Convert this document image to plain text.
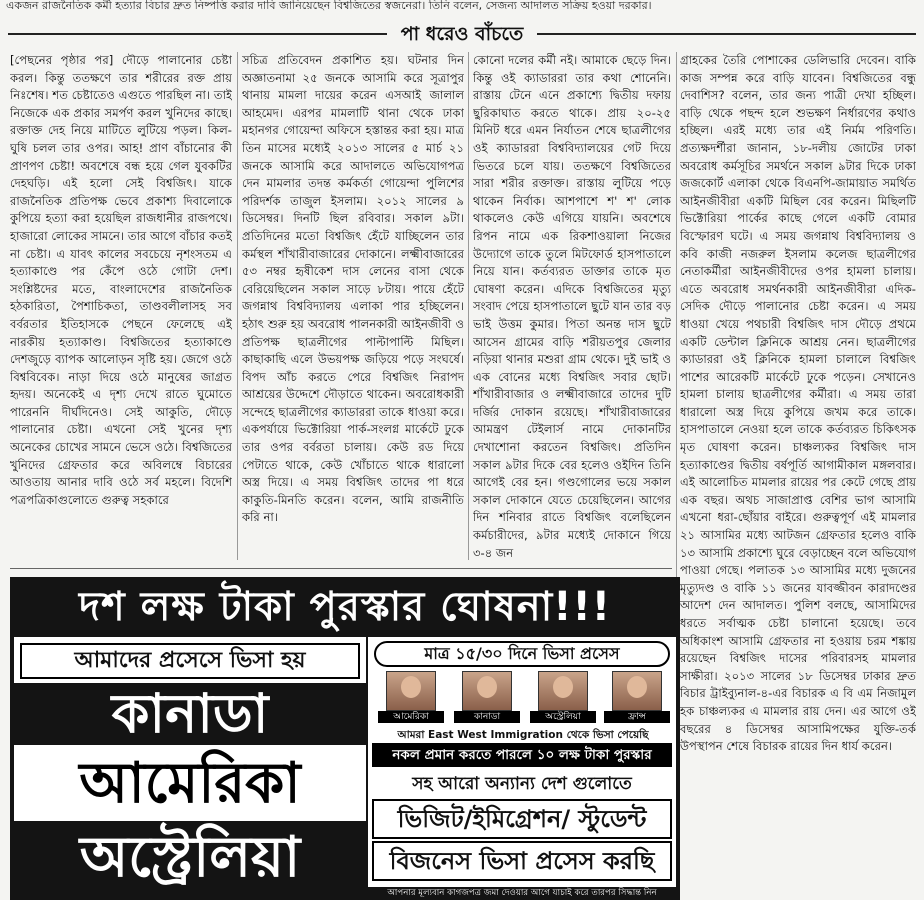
একজন রাজনৈতিক কর্মী হত্যার বিচার দ্রুত নিষ্পত্তি করার দাবি জানিয়েছেন বিশ্বজিতের স্বজনেরা। তিনি বলেন, সেজন্য আদালত সক্রিয় হওয়া দরকার।
পা ধরেও বাঁচতে

[পেছনের পৃষ্ঠার পর] দৌড়ে পালানোর চেষ্টা করল। কিন্তু ততক্ষণে তার শরীরের রক্ত প্রায় নিঃশেষ। শত চেষ্টাতেও এগুতে পারছিল না। তাই নিজেকে এক প্রকার সমর্পণ করল খুনিদের কাছে। রক্তাক্ত দেহ নিয়ে মাটিতে লুটিয়ে পড়ল। কিল-ঘুষি চলল তার ওপর। আহ! প্রাণ বাঁচানোর কী প্রাণপণ চেষ্টা! অবশেষে বন্ধ হয়ে গেল যুবকটির দেহঘড়ি। এই হলো সেই বিশ্বজিৎ। যাকে রাজনৈতিক প্রতিপক্ষ ভেবে প্রকাশ্য দিবালোকে কুপিয়ে হত্যা করা হয়েছিল রাজধানীর রাজপথে। হাজারো লোকের সামনে। তার আগে বাঁচার কতই না চেষ্টা। এ যাবৎ কালের সবচেয়ে নৃশংসতম এ হত্যাকাণ্ডে পর কেঁপে ওঠে গোটা দেশ। সংশ্লিষ্টদের মতে, বাংলাদেশের রাজনৈতিক হঠকারিতা, পৈশাচিকতা, তাণ্ডবলীলাসহ সব বর্বরতার ইতিহাসকে পেছনে ফেলেছে এই নারকীয় হত্যাকাণ্ড। বিশ্বজিতের হত্যাকাণ্ডে দেশজুড়ে ব্যাপক আলোড়ন সৃষ্টি হয়। জেগে ওঠে বিশ্ববিবেক। নাড়া দিয়ে ওঠে মানুষের জাগ্রত হৃদয়। অনেকেই এ দৃশ্য দেখে রাতে ঘুমোতে পারেননি দীর্ঘদিনেও। সেই আকুতি, দৌড়ে পালানোর চেষ্টা। এখনো সেই খুনের দৃশ্য অনেকের চোখের সামনে ভেসে ওঠে। বিশ্বজিতের খুনিদের গ্রেফতার করে অবিলম্বে বিচারের আওতায় আনার দাবি ওঠে সর্ব মহলে। বিদেশি পত্রপত্রিকাগুলোতে গুরুত্ব সহকারে

সচিত্র প্রতিবেদন প্রকাশিত হয়। ঘটনার দিন অজ্ঞাতনামা ২৫ জনকে আসামি করে সূত্রাপুর থানায় মামলা দায়ের করেন এসআই জালাল আহমেদ। এরপর মামলাটি থানা থেকে ঢাকা মহানগর গোয়েন্দা অফিসে হস্তান্তর করা হয়। মাত্র তিন মাসের মধ্যেই ২০১৩ সালের ৫ মার্চ ২১ জনকে আসামি করে আদালতে অভিযোগপত্র দেন মামলার তদন্ত কর্মকর্তা গোয়েন্দা পুলিশের পরিদর্শক তাজুল ইসলাম। ২০১২ সালের ৯ ডিসেম্বর। দিনটি ছিল রবিবার। সকাল ৯টা। প্রতিদিনের মতো বিশ্বজিৎ হেঁটে যাচ্ছিলেন তার কর্মস্থল শাঁখারীবাজারের দোকানে। লক্ষ্মীবাজারের ৫৩ নম্বর হৃষীকেশ দাস লেনের বাসা থেকে বেরিয়েছিলেন সকাল সাড়ে ৮টায়। পায়ে হেঁটে জগন্নাথ বিশ্ববিদ্যালয় এলাকা পার হচ্ছিলেন। হঠাৎ শুরু হয় অবরোধ পালনকারী আইনজীবী ও প্রতিপক্ষ ছাত্রলীগের পাল্টাপাল্টি মিছিল। কাছাকাছি এলে উভয়পক্ষ জড়িয়ে পড়ে সংঘর্ষে। বিপদ আঁচ করতে পেরে বিশ্বজিৎ নিরাপদ আশ্রয়ের উদ্দেশে দৌড়াতে থাকেন। অবরোধকারী সন্দেহে ছাত্রলীগের ক্যাডাররা তাকে ধাওয়া করে। একপর্যায়ে ভিক্টোরিয়া পার্ক-সংলগ্ন মার্কেটে ঢুকে তার ওপর বর্বরতা চালায়। কেউ রড দিয়ে পেটাতে থাকে, কেউ খোঁচাতে থাকে ধারালো অস্ত্র দিয়ে। এ সময় বিশ্বজিৎ তাদের পা ধরে কাকুতি-মিনতি করেন। বলেন, আমি রাজনীতি করি না।

কোনো দলের কর্মী নই। আমাকে ছেড়ে দিন। কিন্তু ওই ক্যাডাররা তার কথা শোনেনি। রাস্তায় টেনে এনে প্রকাশ্যে দ্বিতীয় দফায় ছুরিকাঘাত করতে থাকে। প্রায় ২০-২৫ মিনিট ধরে এমন নির্যাতন শেষে ছাত্রলীগের ওই ক্যাডাররা বিশ্ববিদ্যালয়ের গেট দিয়ে ভিতরে চলে যায়। ততক্ষণে বিশ্বজিতের সারা শরীর রক্তাক্ত। রাস্তায় লুটিয়ে পড়ে থাকেন নির্বাক। আশপাশে শ' শ' লোক থাকলেও কেউ এগিয়ে যায়নি। অবশেষে রিপন নামে এক রিকশাওয়ালা নিজের উদ্যোগে তাকে তুলে মিটফোর্ড হাসপাতালে নিয়ে যান। কর্তব্যরত ডাক্তার তাকে মৃত ঘোষণা করেন। এদিকে বিশ্বজিতের মৃত্যু সংবাদ পেয়ে হাসপাতালে ছুটে যান তার বড় ভাই উত্তম কুমার। পিতা অনন্ত দাস ছুটে আসেন গ্রামের বাড়ি শরীয়তপুর জেলার নড়িয়া থানার মশুরা গ্রাম থেকে। দুই ভাই ও এক বোনের মধ্যে বিশ্বজিৎ সবার ছোট। শাঁখারীবাজার ও লক্ষ্মীবাজারে তাদের দুটি দর্জির দোকান রয়েছে। শাঁখারীবাজারের আমন্ত্রণ টেইলার্স নামে দোকানটির দেখাশোনা করতেন বিশ্বজিৎ। প্রতিদিন সকাল ৯টার দিকে বের হলেও ওইদিন তিনি আগেই বের হন। গণ্ডগোলের ভয়ে সকাল সকাল দোকানে যেতে চেয়েছিলেন। আগের দিন শনিবার রাতে বিশ্বজিৎ বলেছিলেন কর্মচারীদের, ৯টার মধ্যেই দোকানে গিয়ে ৩-৪ জন

গ্রাহকের তৈরি পোশাকের ডেলিভারি দেবেন। বাকি কাজ সম্পন্ন করে বাড়ি যাবেন। বিশ্বজিতের বন্ধু দেবাশিস? বলেন, তার জন্য পাত্রী দেখা হচ্ছিল। বাড়ি থেকে পছন্দ হলে শুভক্ষণ নির্ধারণের কথাও হচ্ছিল। এরই মধ্যে তার এই নির্মম পরিণতি। প্রত্যক্ষদর্শীরা জানান, ১৮-দলীয় জোটের ঢাকা অবরোধ কর্মসূচির সমর্থনে সকাল ৯টার দিকে ঢাকা জজকোর্ট এলাকা থেকে বিএনপি-জামায়াত সমর্থিত আইনজীবীরা একটি মিছিল বের করেন। মিছিলটি ভিক্টোরিয়া পার্কের কাছে গেলে একটি বোমার বিস্ফোরণ ঘটে। এ সময় জগন্নাথ বিশ্ববিদ্যালয় ও কবি কাজী নজরুল ইসলাম কলেজ ছাত্রলীগের নেতাকর্মীরা আইনজীবীদের ওপর হামলা চালায়। এতে অবরোধ সমর্থনকারী আইনজীবীরা এদিক-সেদিক দৌড়ে পালানোর চেষ্টা করেন। এ সময় ধাওয়া খেয়ে পথচারী বিশ্বজিৎ দাস দৌড়ে প্রথমে একটি ডেন্টাল ক্লিনিকে আশ্রয় নেন। ছাত্রলীগের ক্যাডাররা ওই ক্লিনিকে হামলা চালালে বিশ্বজিৎ পাশের আরেকটি মার্কেটে ঢুকে পড়েন। সেখানেও হামলা চালায় ছাত্রলীগের কর্মীরা। এ সময় তারা ধারালো অস্ত্র দিয়ে কুপিয়ে জখম করে তাকে। হাসপাতালে নেওয়া হলে তাকে কর্তব্যরত চিকিৎসক মৃত ঘোষণা করেন। চাঞ্চল্যকর বিশ্বজিৎ দাস হত্যাকাণ্ডের দ্বিতীয় বর্ষপূর্তি আগামীকাল মঙ্গলবার। এই আলোচিত মামলার রায়ের পর কেটে গেছে প্রায় এক বছর। অথচ সাজাপ্রাপ্ত বেশির ভাগ আসামি এখনো ধরা-ছোঁয়ার বাইরে। গুরুত্বপূর্ণ এই মামলার ২১ আসামির মধ্যে আটজন গ্রেফতার হলেও বাকি ১৩ আসামি প্রকাশ্যে ঘুরে বেড়াচ্ছেন বলে অভিযোগ পাওয়া গেছে। পলাতক ১৩ আসামির মধ্যে দুজনের মৃত্যুদণ্ড ও বাকি ১১ জনের যাবজ্জীবন কারাদণ্ডের আদেশ দেন আদালত। পুলিশ বলছে, আসামিদের ধরতে সর্বাত্মক চেষ্টা চালানো হয়েছে। তবে অধিকাংশ আসামি গ্রেফতার না হওয়ায় চরম শঙ্কায় রয়েছেন বিশ্বজিৎ দাসের পরিবারসহ মামলার সাক্ষীরা। ২০১৩ সালের ১৮ ডিসেম্বর ঢাকার দ্রুত বিচার ট্রাইব্যুনাল-৪-এর বিচারক এ বি এম নিজামুল হক চাঞ্চল্যকর এ মামলার রায় দেন। এর আগে ওই বছরের ৪ ডিসেম্বর আসামিপক্ষের যুক্তি-তর্ক উপস্থাপন শেষে বিচারক রায়ের দিন ধার্য করেন।

দশ লক্ষ টাকা পুরস্কার ঘোষনা!!!
আমাদের প্রসেসে ভিসা হয়
কানাডা
আমেরিকা
অস্ট্রেলিয়া
মাত্র ১৫/৩০ দিনে ভিসা প্রসেস
আমেরিকা	কানাডা	অস্ট্রেলিয়া	ফ্রান্স
আমরা East West Immigration থেকে ভিসা পেয়েছি
নকল প্রমান করতে পারলে ১০ লক্ষ টাকা পুরস্কার
সহ আরো অন্যান্য দেশ গুলোতে
ভিজিট/ইমিগ্রেশন/ স্টুডেন্ট
বিজনেস ভিসা প্রসেস করছি
আপনার মূল্যবান কাগজপত্র জমা দেওয়ার আগে যাচাই করে তারপর সিদ্ধান্ত নিন
